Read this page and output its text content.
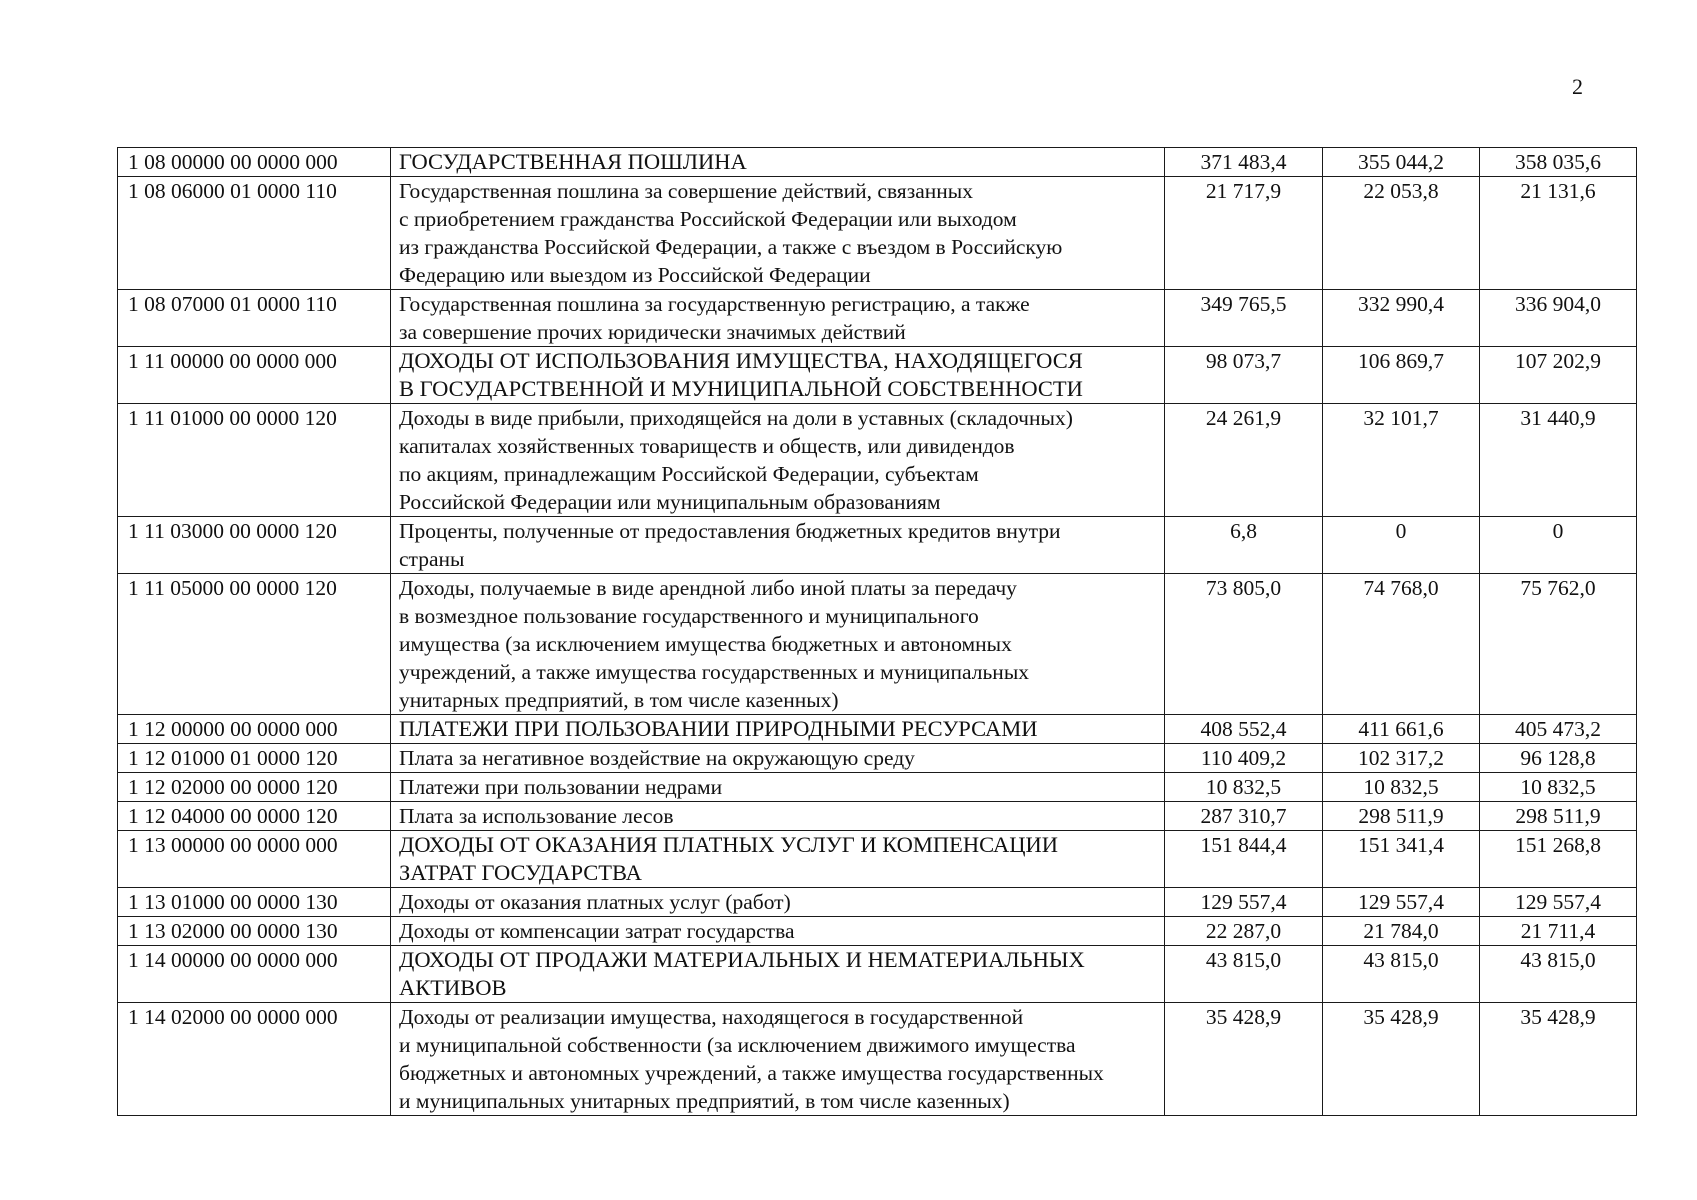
2
1 08 00000 00 0000 000	ГОСУДАРСТВЕННАЯ ПОШЛИНА	371 483,4	355 044,2	358 035,6
1 08 06000 01 0000 110	Государственная пошлина за совершение действий, связанных
с приобретением гражданства Российской Федерации или выходом
из гражданства Российской Федерации, а также с въездом в Российскую
Федерацию или выездом из Российской Федерации	21 717,9	22 053,8	21 131,6
1 08 07000 01 0000 110	Государственная пошлина за государственную регистрацию, а также
за совершение прочих юридически значимых действий	349 765,5	332 990,4	336 904,0
1 11 00000 00 0000 000	ДОХОДЫ ОТ ИСПОЛЬЗОВАНИЯ ИМУЩЕСТВА, НАХОДЯЩЕГОСЯ
В ГОСУДАРСТВЕННОЙ И МУНИЦИПАЛЬНОЙ СОБСТВЕННОСТИ	98 073,7	106 869,7	107 202,9
1 11 01000 00 0000 120	Доходы в виде прибыли, приходящейся на доли в уставных (складочных)
капиталах хозяйственных товариществ и обществ, или дивидендов
по акциям, принадлежащим Российской Федерации, субъектам
Российской Федерации или муниципальным образованиям	24 261,9	32 101,7	31 440,9
1 11 03000 00 0000 120	Проценты, полученные от предоставления бюджетных кредитов внутри
страны	6,8	0	0
1 11 05000 00 0000 120	Доходы, получаемые в виде арендной либо иной платы за передачу
в возмездное пользование государственного и муниципального
имущества (за исключением имущества бюджетных и автономных
учреждений, а также имущества государственных и муниципальных
унитарных предприятий, в том числе казенных)	73 805,0	74 768,0	75 762,0
1 12 00000 00 0000 000	ПЛАТЕЖИ ПРИ ПОЛЬЗОВАНИИ ПРИРОДНЫМИ РЕСУРСАМИ	408 552,4	411 661,6	405 473,2
1 12 01000 01 0000 120	Плата за негативное воздействие на окружающую среду	110 409,2	102 317,2	96 128,8
1 12 02000 00 0000 120	Платежи при пользовании недрами	10 832,5	10 832,5	10 832,5
1 12 04000 00 0000 120	Плата за использование лесов	287 310,7	298 511,9	298 511,9
1 13 00000 00 0000 000	ДОХОДЫ ОТ ОКАЗАНИЯ ПЛАТНЫХ УСЛУГ И КОМПЕНСАЦИИ
ЗАТРАТ ГОСУДАРСТВА	151 844,4	151 341,4	151 268,8
1 13 01000 00 0000 130	Доходы от оказания платных услуг (работ)	129 557,4	129 557,4	129 557,4
1 13 02000 00 0000 130	Доходы от компенсации затрат государства	22 287,0	21 784,0	21 711,4
1 14 00000 00 0000 000	ДОХОДЫ ОТ ПРОДАЖИ МАТЕРИАЛЬНЫХ И НЕМАТЕРИАЛЬНЫХ
АКТИВОВ	43 815,0	43 815,0	43 815,0
1 14 02000 00 0000 000	Доходы от реализации имущества, находящегося в государственной
и муниципальной собственности (за исключением движимого имущества
бюджетных и автономных учреждений, а также имущества государственных
и муниципальных унитарных предприятий, в том числе казенных)	35 428,9	35 428,9	35 428,9
